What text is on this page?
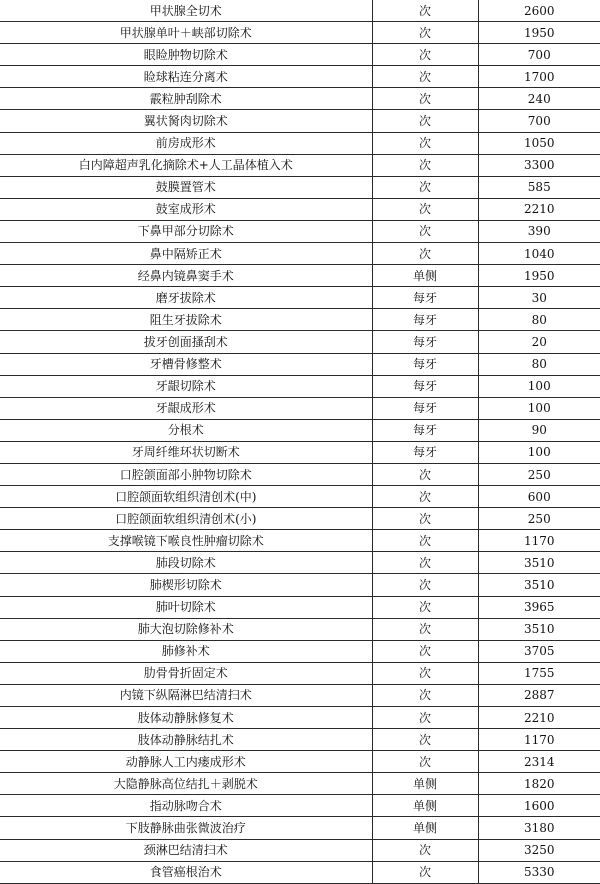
甲状腺全切术	次	2600
甲状腺单叶＋峡部切除术	次	1950
眼睑肿物切除术	次	700
睑球粘连分离术	次	1700
霰粒肿刮除术	次	240
翼状胬肉切除术	次	700
前房成形术	次	1050
白内障超声乳化摘除术+人工晶体植入术	次	3300
鼓膜置管术	次	585
鼓室成形术	次	2210
下鼻甲部分切除术	次	390
鼻中隔矫正术	次	1040
经鼻内镜鼻窦手术	单侧	1950
磨牙拔除术	每牙	30
阻生牙拔除术	每牙	80
拔牙创面搔刮术	每牙	20
牙槽骨修整术	每牙	80
牙龈切除术	每牙	100
牙龈成形术	每牙	100
分根术	每牙	90
牙周纤维环状切断术	每牙	100
口腔颌面部小肿物切除术	次	250
口腔颌面软组织清创术(中)	次	600
口腔颌面软组织清创术(小)	次	250
支撑喉镜下喉良性肿瘤切除术	次	1170
肺段切除术	次	3510
肺楔形切除术	次	3510
肺叶切除术	次	3965
肺大泡切除修补术	次	3510
肺修补术	次	3705
肋骨骨折固定术	次	1755
内镜下纵隔淋巴结清扫术	次	2887
肢体动静脉修复术	次	2210
肢体动静脉结扎术	次	1170
动静脉人工内瘘成形术	次	2314
大隐静脉高位结扎＋剥脱术	单侧	1820
指动脉吻合术	单侧	1600
下肢静脉曲张微波治疗	单侧	3180
颈淋巴结清扫术	次	3250
食管癌根治术	次	5330
